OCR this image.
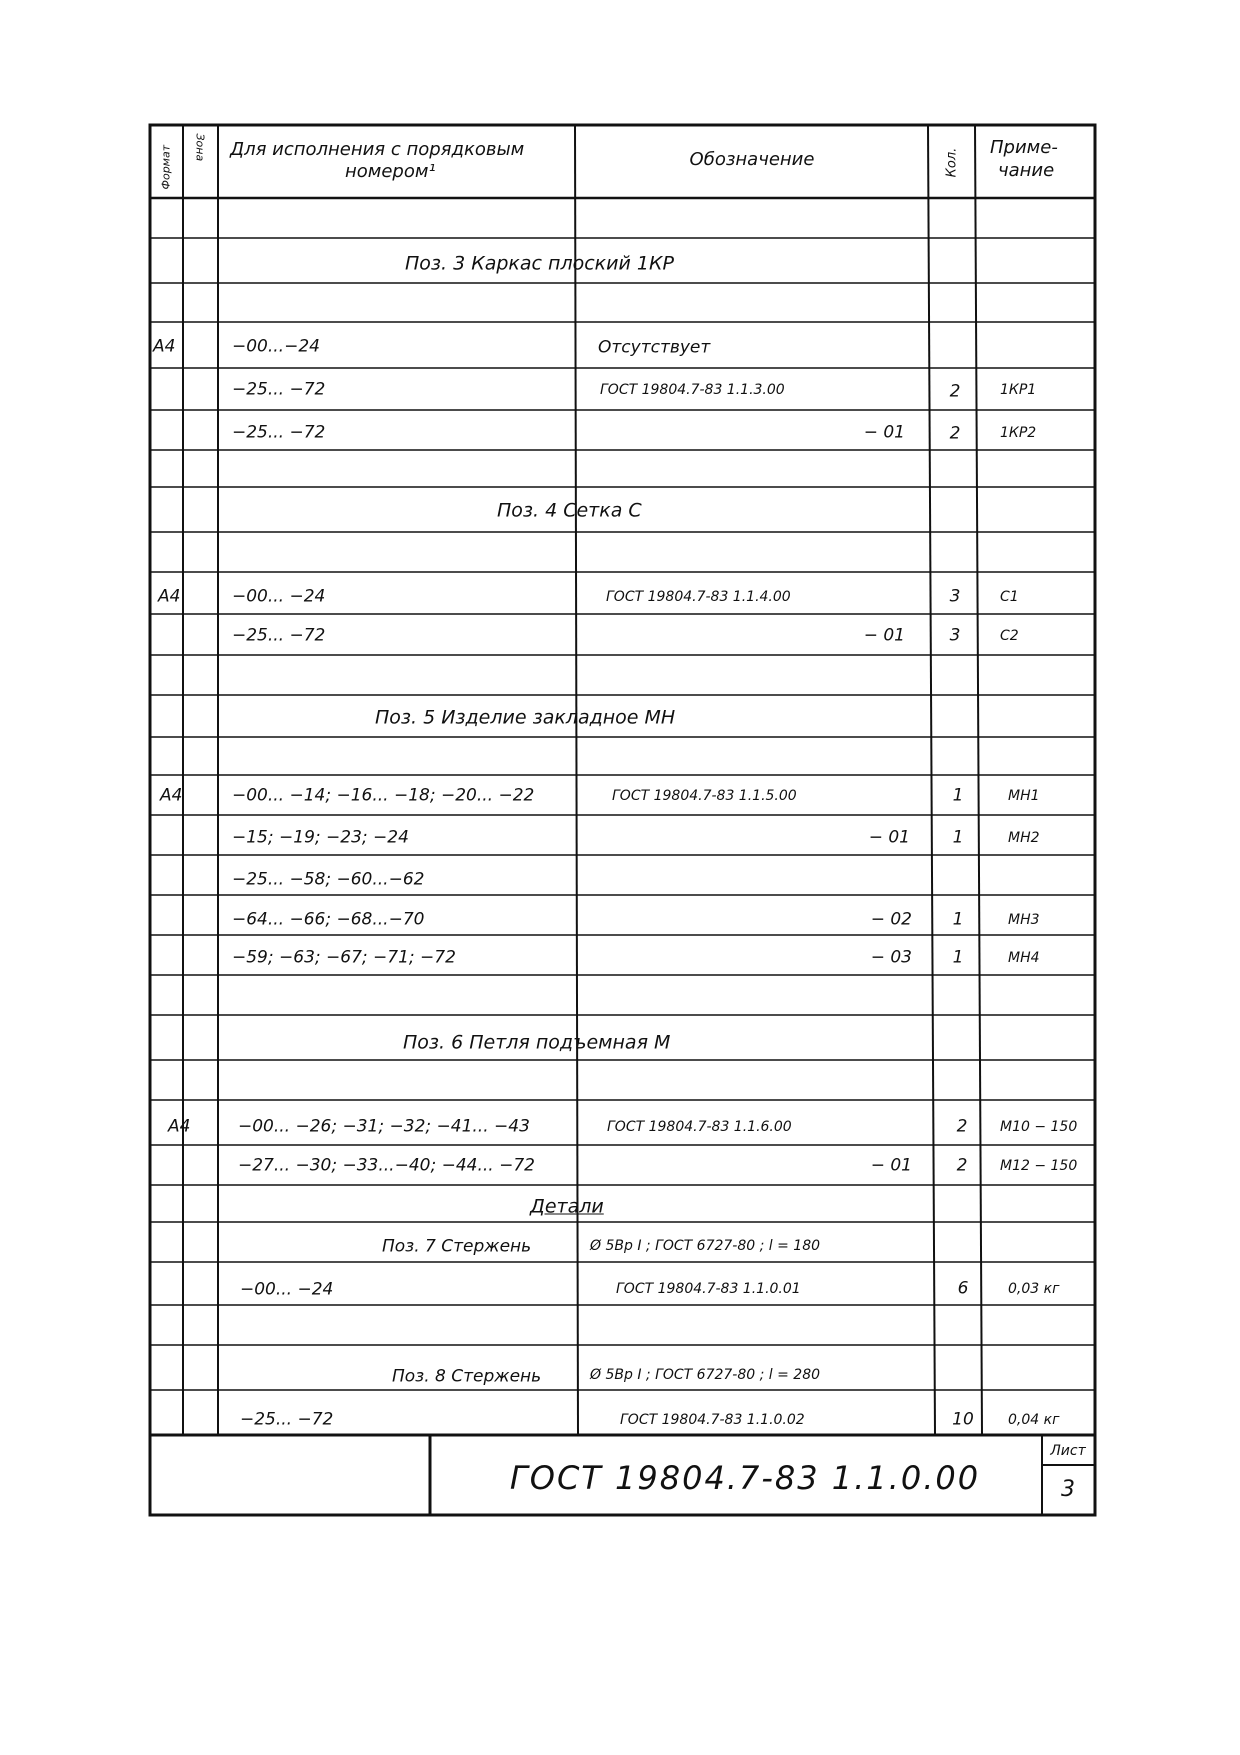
Формат Зона Для исполнения с порядковым
номером¹
Обозначение	Кол.
Приме-
чание
Поз. 3 Каркас плоский 1КР
Поз. 4 Сетка С
Поз. 5 Изделие закладное МН
Поз. 6 Петля подъемная М
Детали
А4	−00...−24	Отсутствует
−25... −72	ГОСТ 19804.7-83 1.1.3.00	2	1КР1
−25... −72	− 01	2	1КР2
А4	−00... −24	ГОСТ 19804.7-83 1.1.4.00	3	С1
−25... −72	− 01	3	С2
А4	−00... −14; −16... −18; −20... −22	ГОСТ 19804.7-83 1.1.5.00	1	МН1
−15; −19; −23; −24	− 01	1	МН2
−25... −58; −60...−62
−64... −66; −68...−70	− 02 1	МН3
−59; −63; −67; −71; −72	− 03 1	МН4
А4	−00... −26; −31; −32; −41... −43	ГОСТ 19804.7-83 1.1.6.00	2 М10 − 150
−27... −30; −33...−40; −44... −72	− 01	2 М12 − 150
Поз. 7 Стержень	Ø 5Вр I ; ГОСТ 6727-80 ; l = 180
−00... −24	ГОСТ 19804.7-83 1.1.0.01	6	0,03 кг
Поз. 8 Стержень	Ø 5Вр I ; ГОСТ 6727-80 ; l = 280
−25... −72	ГОСТ 19804.7-83 1.1.0.02	10 0,04 кг
ГОСТ 19804.7-83 1.1.0.00
Лист
3
